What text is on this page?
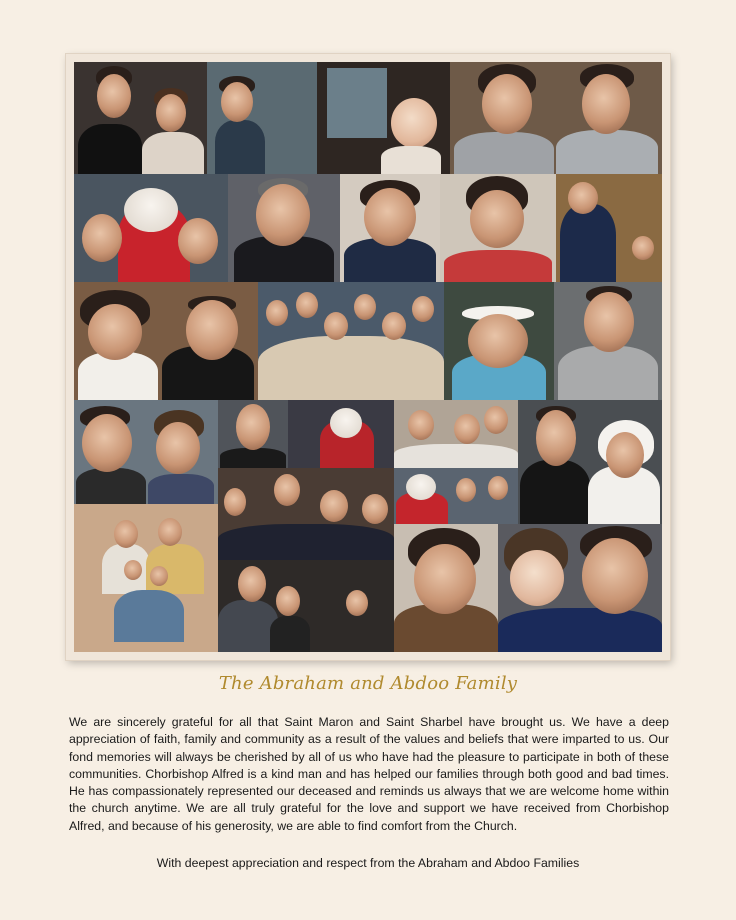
The Abraham and Abdoo Family

We are sincerely grateful for all that Saint Maron and Saint Sharbel have brought us. We have a deep appreciation of faith, family and community as a result of the values and beliefs that were imparted to us. Our fond memories will always be cherished by all of us who have had the pleasure to participate in both of these communities. Chorbishop Alfred is a kind man and has helped our families through both good and bad times. He has compassionately represented our deceased and reminds us always that we are welcome home within the church anytime. We are all truly grateful for the love and support we have received from Chorbishop Alfred, and because of his generosity, we are able to find comfort from the Church.

With deepest appreciation and respect from the Abraham and Abdoo Families
